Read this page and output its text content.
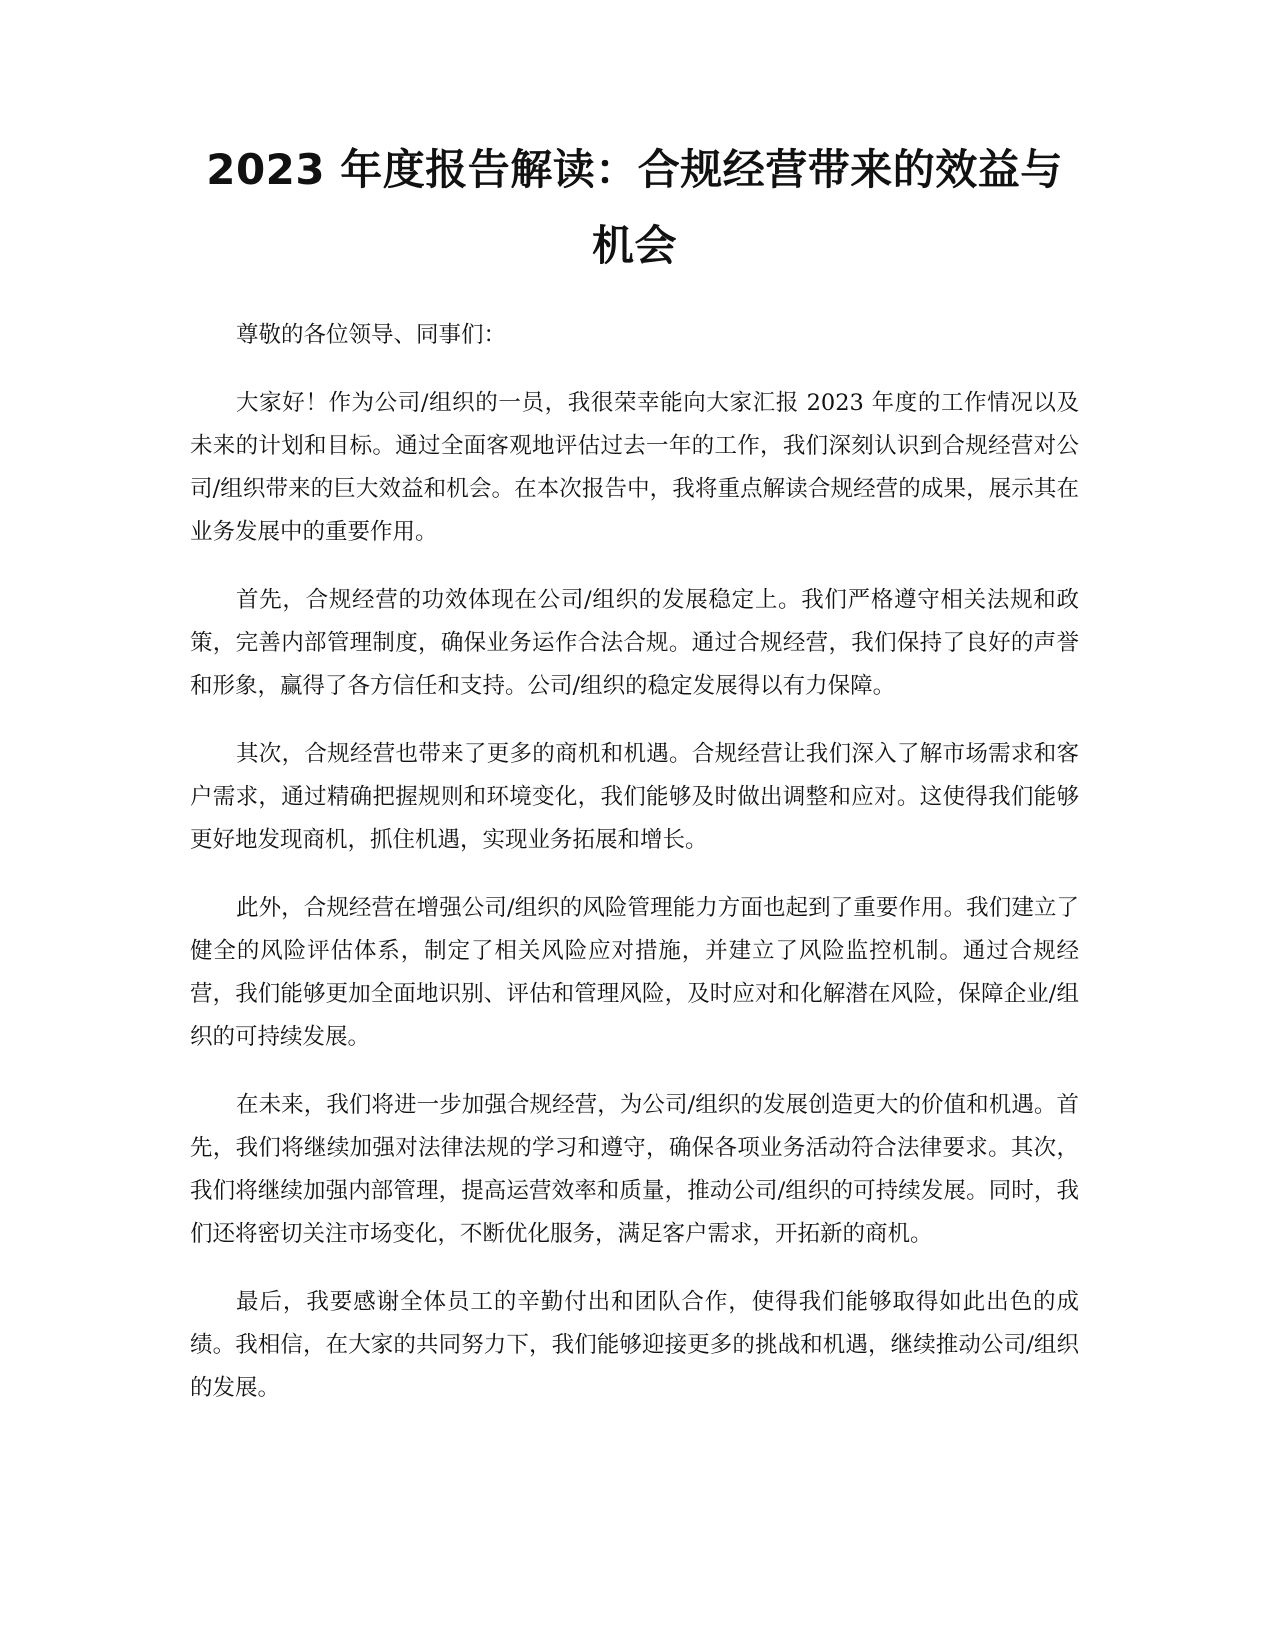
2023 年度报告解读：合规经营带来的效益与机会

尊敬的各位领导、同事们：

大家好！作为公司/组织的一员，我很荣幸能向大家汇报 2023 年度的工作情况以及未来的计划和目标。通过全面客观地评估过去一年的工作，我们深刻认识到合规经营对公司/组织带来的巨大效益和机会。在本次报告中，我将重点解读合规经营的成果，展示其在业务发展中的重要作用。

首先，合规经营的功效体现在公司/组织的发展稳定上。我们严格遵守相关法规和政策，完善内部管理制度，确保业务运作合法合规。通过合规经营，我们保持了良好的声誉和形象，赢得了各方信任和支持。公司/组织的稳定发展得以有力保障。

其次，合规经营也带来了更多的商机和机遇。合规经营让我们深入了解市场需求和客户需求，通过精确把握规则和环境变化，我们能够及时做出调整和应对。这使得我们能够更好地发现商机，抓住机遇，实现业务拓展和增长。

此外，合规经营在增强公司/组织的风险管理能力方面也起到了重要作用。我们建立了健全的风险评估体系，制定了相关风险应对措施，并建立了风险监控机制。通过合规经营，我们能够更加全面地识别、评估和管理风险，及时应对和化解潜在风险，保障企业/组织的可持续发展。

在未来，我们将进一步加强合规经营，为公司/组织的发展创造更大的价值和机遇。首先，我们将继续加强对法律法规的学习和遵守，确保各项业务活动符合法律要求。其次，我们将继续加强内部管理，提高运营效率和质量，推动公司/组织的可持续发展。同时，我们还将密切关注市场变化，不断优化服务，满足客户需求，开拓新的商机。

最后，我要感谢全体员工的辛勤付出和团队合作，使得我们能够取得如此出色的成绩。我相信，在大家的共同努力下，我们能够迎接更多的挑战和机遇，继续推动公司/组织的发展。
